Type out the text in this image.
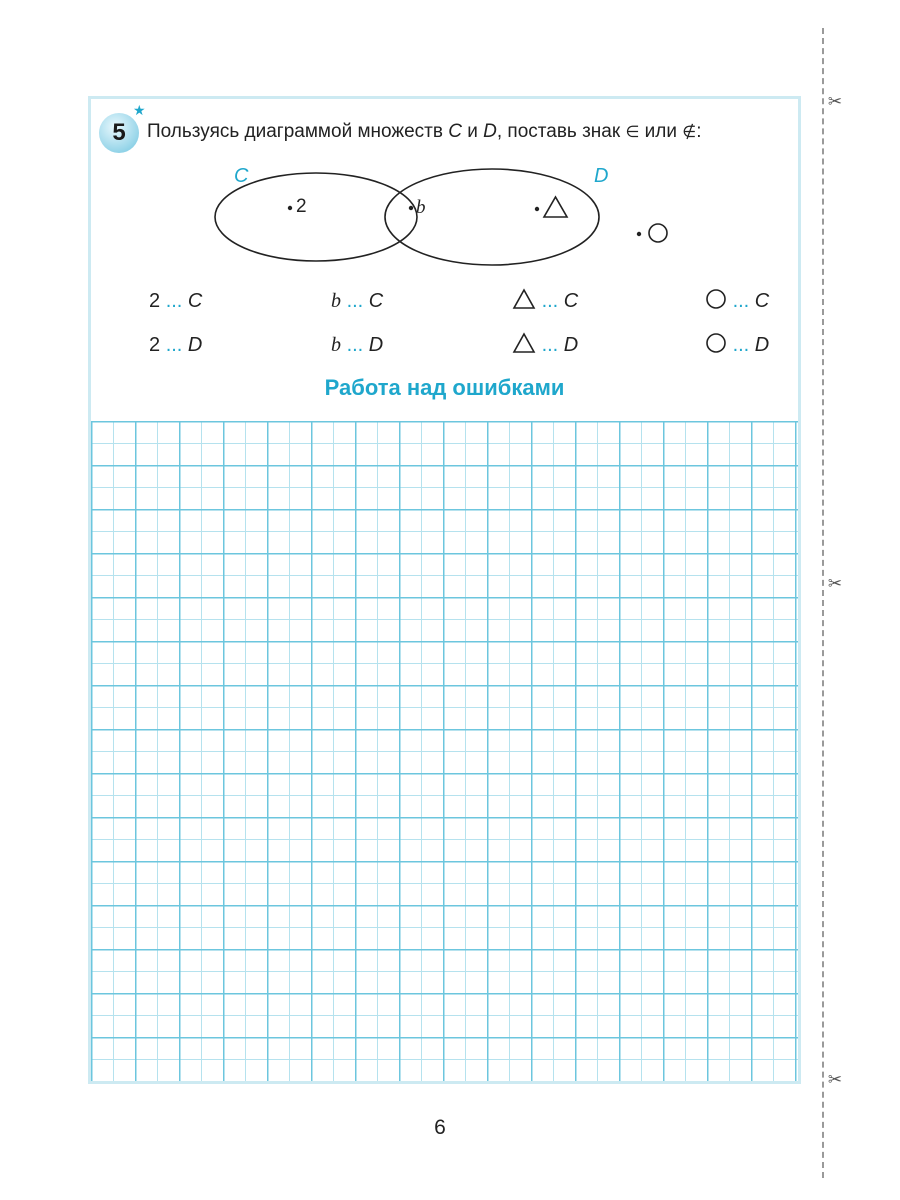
✂
✂
✂
5
★
Пользуясь диаграммой множеств C и D, поставь знак ∈ или ∉:
2	b
C	D
2 ... C	b ... C	... C	... C
2 ... D	b ... D	... D	... D
Работа над ошибками
6
